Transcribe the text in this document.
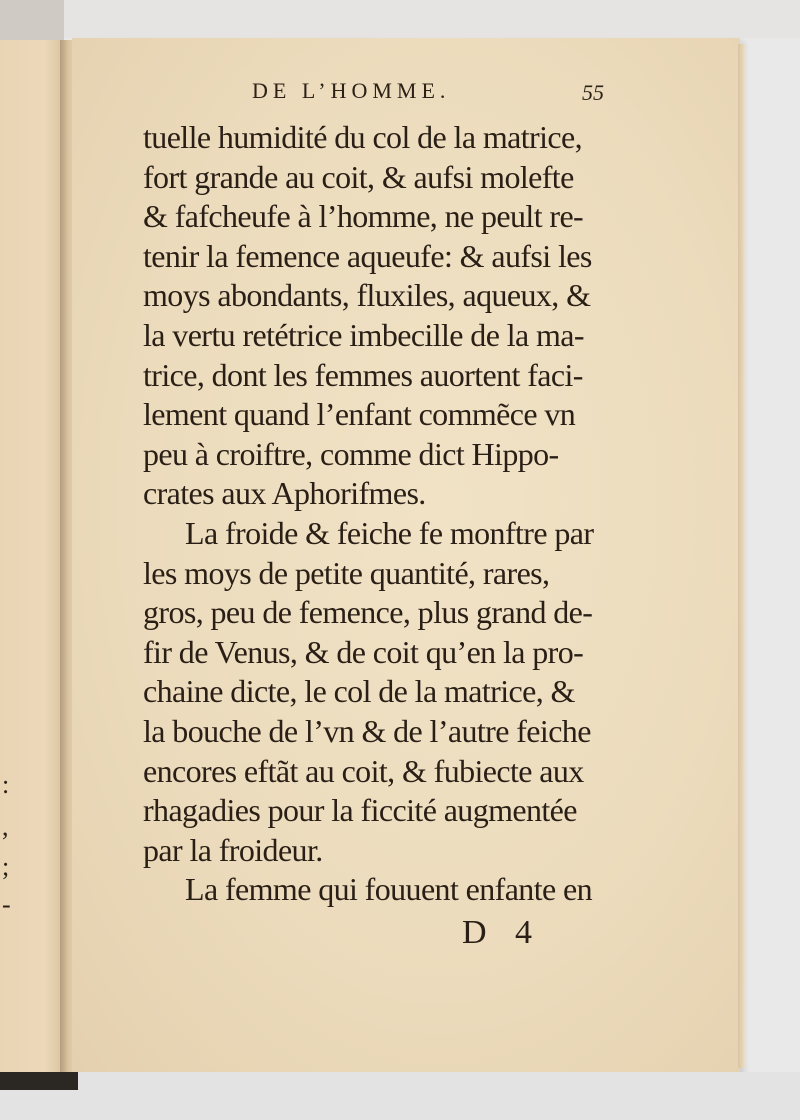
:
,
;
-

DE L’HOMME.	55
tuelle humidité du col de la matrice,
fort grande au coit, & aufsi molefte
& fafcheufe à l’homme, ne peult re-
tenir la femence aqueufe: & aufsi les
moys abondants, fluxiles, aqueux, &
la vertu retétrice imbecille de la ma-
trice, dont les femmes auortent faci-
lement quand l’enfant commẽce vn
peu à croiftre, comme dict Hippo-
crates aux Aphorifmes.
La froide & feiche fe monftre par
les moys de petite quantité, rares,
gros, peu de femence, plus grand de-
fir de Venus, & de coit qu’en la pro-
chaine dicte, le col de la matrice, &
la bouche de l’vn & de l’autre feiche
encores eftãt au coit, & fubiecte aux
rhagadies pour la ficcité augmentée
par la froideur.
La femme qui fouuent enfante en
D 4
